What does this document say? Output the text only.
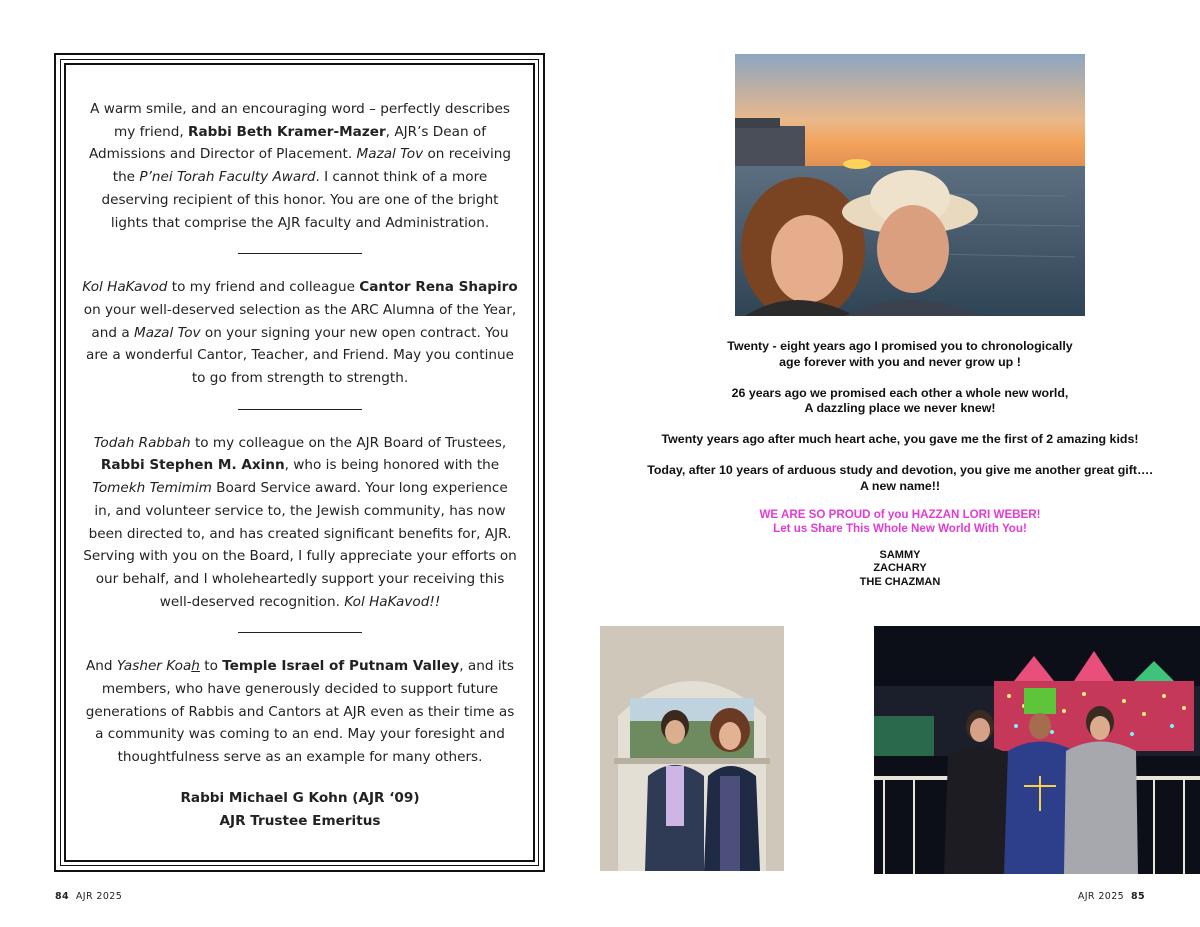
A warm smile, and an encouraging word – perfectly describes my friend, Rabbi Beth Kramer-Mazer, AJR’s Dean of Admissions and Director of Placement. Mazal Tov on receiving the P’nei Torah Faculty Award. I cannot think of a more deserving recipient of this honor. You are one of the bright lights that comprise the AJR faculty and Administration.

Kol HaKavod to my friend and colleague Cantor Rena Shapiro on your well-deserved selection as the ARC Alumna of the Year, and a Mazal Tov on your signing your new open contract. You are a wonderful Cantor, Teacher, and Friend. May you continue to go from strength to strength.

Todah Rabbah to my colleague on the AJR Board of Trustees, Rabbi Stephen M. Axinn, who is being honored with the Tomekh Temimim Board Service award. Your long experience in, and volunteer service to, the Jewish community, has now been directed to, and has created significant benefits for, AJR. Serving with you on the Board, I fully appreciate your efforts on our behalf, and I wholeheartedly support your receiving this well-deserved recognition. Kol HaKavod!!

And Yasher Koah to Temple Israel of Putnam Valley, and its members, who have generously decided to support future generations of Rabbis and Cantors at AJR even as their time as a community was coming to an end. May your foresight and thoughtfulness serve as an example for many others.

Rabbi Michael G Kohn (AJR ‘09)
AJR Trustee Emeritus
Twenty - eight years ago I promised you to chronologically
age forever with you and never grow up !
26 years ago we promised each other a whole new world,
A dazzling place we never knew!
Twenty years ago after much heart ache, you gave me the first of 2 amazing kids!
Today, after 10 years of arduous study and devotion, you give me another great gift….
A new name!!
WE ARE SO PROUD of you HAZZAN LORI WEBER!
Let us Share This Whole New World With You!
SAMMY
ZACHARY
THE CHAZMAN
84 AJR 2025	AJR 2025 85
